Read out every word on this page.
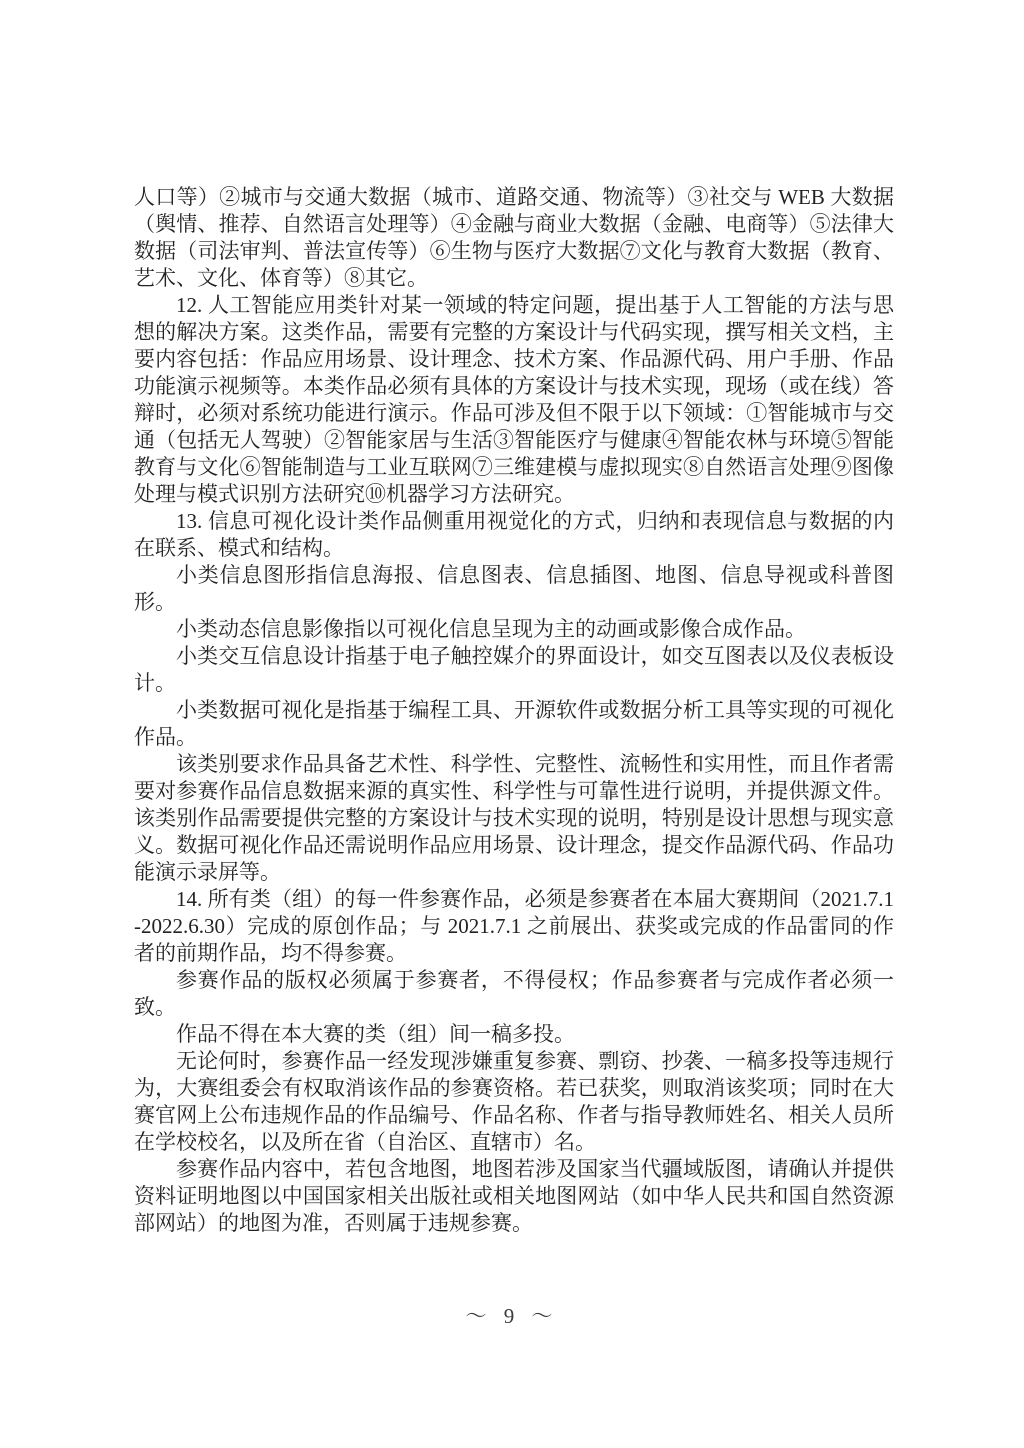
人口等）②城市与交通大数据（城市、道路交通、物流等）③社交与 WEB 大数据（舆情、推荐、自然语言处理等）④金融与商业大数据（金融、电商等）⑤法律大数据（司法审判、普法宣传等）⑥生物与医疗大数据⑦文化与教育大数据（教育、艺术、文化、体育等）⑧其它。

12. 人工智能应用类针对某一领域的特定问题，提出基于人工智能的方法与思想的解决方案。这类作品，需要有完整的方案设计与代码实现，撰写相关文档，主要内容包括：作品应用场景、设计理念、技术方案、作品源代码、用户手册、作品功能演示视频等。本类作品必须有具体的方案设计与技术实现，现场（或在线）答辩时，必须对系统功能进行演示。作品可涉及但不限于以下领域：①智能城市与交通（包括无人驾驶）②智能家居与生活③智能医疗与健康④智能农林与环境⑤智能教育与文化⑥智能制造与工业互联网⑦三维建模与虚拟现实⑧自然语言处理⑨图像处理与模式识别方法研究⑩机器学习方法研究。

13. 信息可视化设计类作品侧重用视觉化的方式，归纳和表现信息与数据的内在联系、模式和结构。

小类信息图形指信息海报、信息图表、信息插图、地图、信息导视或科普图形。

小类动态信息影像指以可视化信息呈现为主的动画或影像合成作品。

小类交互信息设计指基于电子触控媒介的界面设计，如交互图表以及仪表板设计。

小类数据可视化是指基于编程工具、开源软件或数据分析工具等实现的可视化作品。

该类别要求作品具备艺术性、科学性、完整性、流畅性和实用性，而且作者需要对参赛作品信息数据来源的真实性、科学性与可靠性进行说明，并提供源文件。该类别作品需要提供完整的方案设计与技术实现的说明，特别是设计思想与现实意义。数据可视化作品还需说明作品应用场景、设计理念，提交作品源代码、作品功能演示录屏等。

14. 所有类（组）的每一件参赛作品，必须是参赛者在本届大赛期间（2021.7.1-2022.6.30）完成的原创作品；与 2021.7.1 之前展出、获奖或完成的作品雷同的作者的前期作品，均不得参赛。

参赛作品的版权必须属于参赛者，不得侵权；作品参赛者与完成作者必须一致。

作品不得在本大赛的类（组）间一稿多投。

无论何时，参赛作品一经发现涉嫌重复参赛、剽窃、抄袭、一稿多投等违规行为，大赛组委会有权取消该作品的参赛资格。若已获奖，则取消该奖项；同时在大赛官网上公布违规作品的作品编号、作品名称、作者与指导教师姓名、相关人员所在学校校名，以及所在省（自治区、直辖市）名。

参赛作品内容中，若包含地图，地图若涉及国家当代疆域版图，请确认并提供资料证明地图以中国国家相关出版社或相关地图网站（如中华人民共和国自然资源部网站）的地图为准，否则属于违规参赛。

～ 9 ～
